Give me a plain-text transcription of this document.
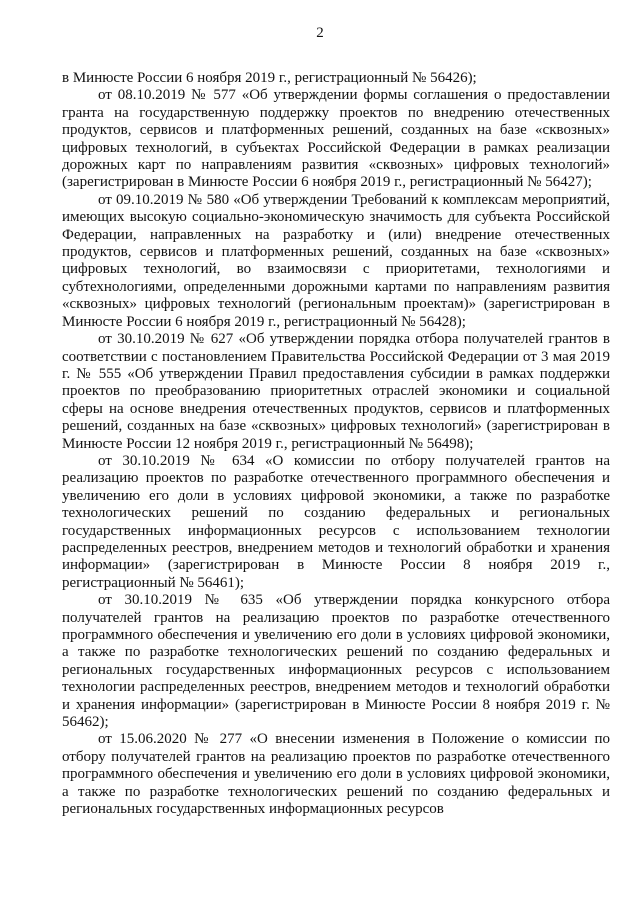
2

в Минюсте России 6 ноября 2019 г., регистрационный № 56426);

от 08.10.2019 № 577 «Об утверждении формы соглашения о предоставлении гранта на государственную поддержку проектов по внедрению отечественных продуктов, сервисов и платформенных решений, созданных на базе «сквозных» цифровых технологий, в субъектах Российской Федерации в рамках реализации дорожных карт по направлениям развития «сквозных» цифровых технологий» (зарегистрирован в Минюсте России 6 ноября 2019 г., регистрационный № 56427);

от 09.10.2019 № 580 «Об утверждении Требований к комплексам мероприятий, имеющих высокую социально-экономическую значимость для субъекта Российской Федерации, направленных на разработку и (или) внедрение отечественных продуктов, сервисов и платформенных решений, созданных на базе «сквозных» цифровых технологий, во взаимосвязи с приоритетами, технологиями и субтехнологиями, определенными дорожными картами по направлениям развития «сквозных» цифровых технологий (региональным проектам)» (зарегистрирован в Минюсте России 6 ноября 2019 г., регистрационный № 56428);

от 30.10.2019 № 627 «Об утверждении порядка отбора получателей грантов в соответствии с постановлением Правительства Российской Федерации от 3 мая 2019 г. № 555 «Об утверждении Правил предоставления субсидии в рамках поддержки проектов по преобразованию приоритетных отраслей экономики и социальной сферы на основе внедрения отечественных продуктов, сервисов и платформенных решений, созданных на базе «сквозных» цифровых технологий» (зарегистрирован в Минюсте России 12 ноября 2019 г., регистрационный № 56498);

от 30.10.2019 № 634 «О комиссии по отбору получателей грантов на реализацию проектов по разработке отечественного программного обеспечения и увеличению его доли в условиях цифровой экономики, а также по разработке технологических решений по созданию федеральных и региональных государственных информационных ресурсов с использованием технологии распределенных реестров, внедрением методов и технологий обработки и хранения информации» (зарегистрирован в Минюсте России 8 ноября 2019 г., регистрационный № 56461);

от 30.10.2019 № 635 «Об утверждении порядка конкурсного отбора получателей грантов на реализацию проектов по разработке отечественного программного обеспечения и увеличению его доли в условиях цифровой экономики, а также по разработке технологических решений по созданию федеральных и региональных государственных информационных ресурсов с использованием технологии распределенных реестров, внедрением методов и технологий обработки и хранения информации» (зарегистрирован в Минюсте России 8 ноября 2019 г. № 56462);

от 15.06.2020 № 277 «О внесении изменения в Положение о комиссии по отбору получателей грантов на реализацию проектов по разработке отечественного программного обеспечения и увеличению его доли в условиях цифровой экономики, а также по разработке технологических решений по созданию федеральных и региональных государственных информационных ресурсов
